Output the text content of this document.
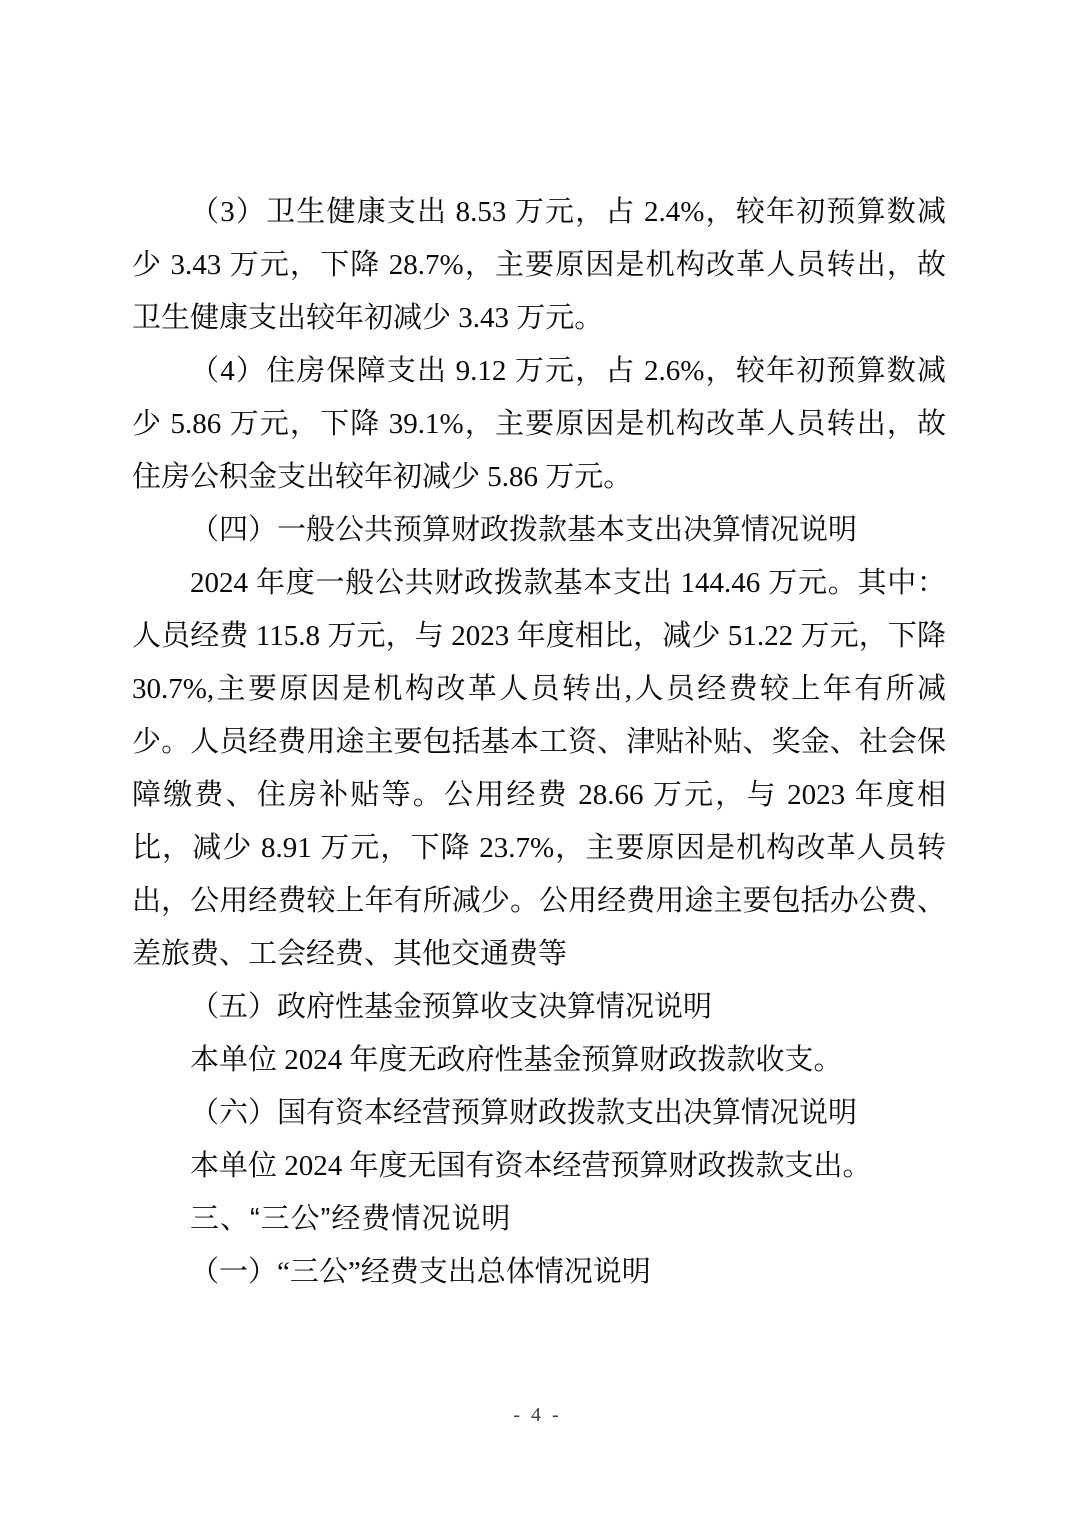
（3）卫生健康支出 8.53 万元，占 2.4%，较年初预算数减少 3.43 万元，下降 28.7%，主要原因是机构改革人员转出，故卫生健康支出较年初减少 3.43 万元。

（4）住房保障支出 9.12 万元，占 2.6%，较年初预算数减少 5.86 万元，下降 39.1%，主要原因是机构改革人员转出，故住房公积金支出较年初减少 5.86 万元。

（四）一般公共预算财政拨款基本支出决算情况说明

2024 年度一般公共财政拨款基本支出 144.46 万元。其中：人员经费 115.8 万元，与 2023 年度相比，减少 51.22 万元，下降 30.7%,主要原因是机构改革人员转出,人员经费较上年有所减少。人员经费用途主要包括基本工资、津贴补贴、奖金、社会保障缴费、住房补贴等。公用经费 28.66 万元，与 2023 年度相比，减少 8.91 万元，下降 23.7%，主要原因是机构改革人员转出，公用经费较上年有所减少。公用经费用途主要包括办公费、差旅费、工会经费、其他交通费等

（五）政府性基金预算收支决算情况说明

本单位 2024 年度无政府性基金预算财政拨款收支。

（六）国有资本经营预算财政拨款支出决算情况说明

本单位 2024 年度无国有资本经营预算财政拨款支出。

三、“三公”经费情况说明
（一）“三公”经费支出总体情况说明
- 4 -
